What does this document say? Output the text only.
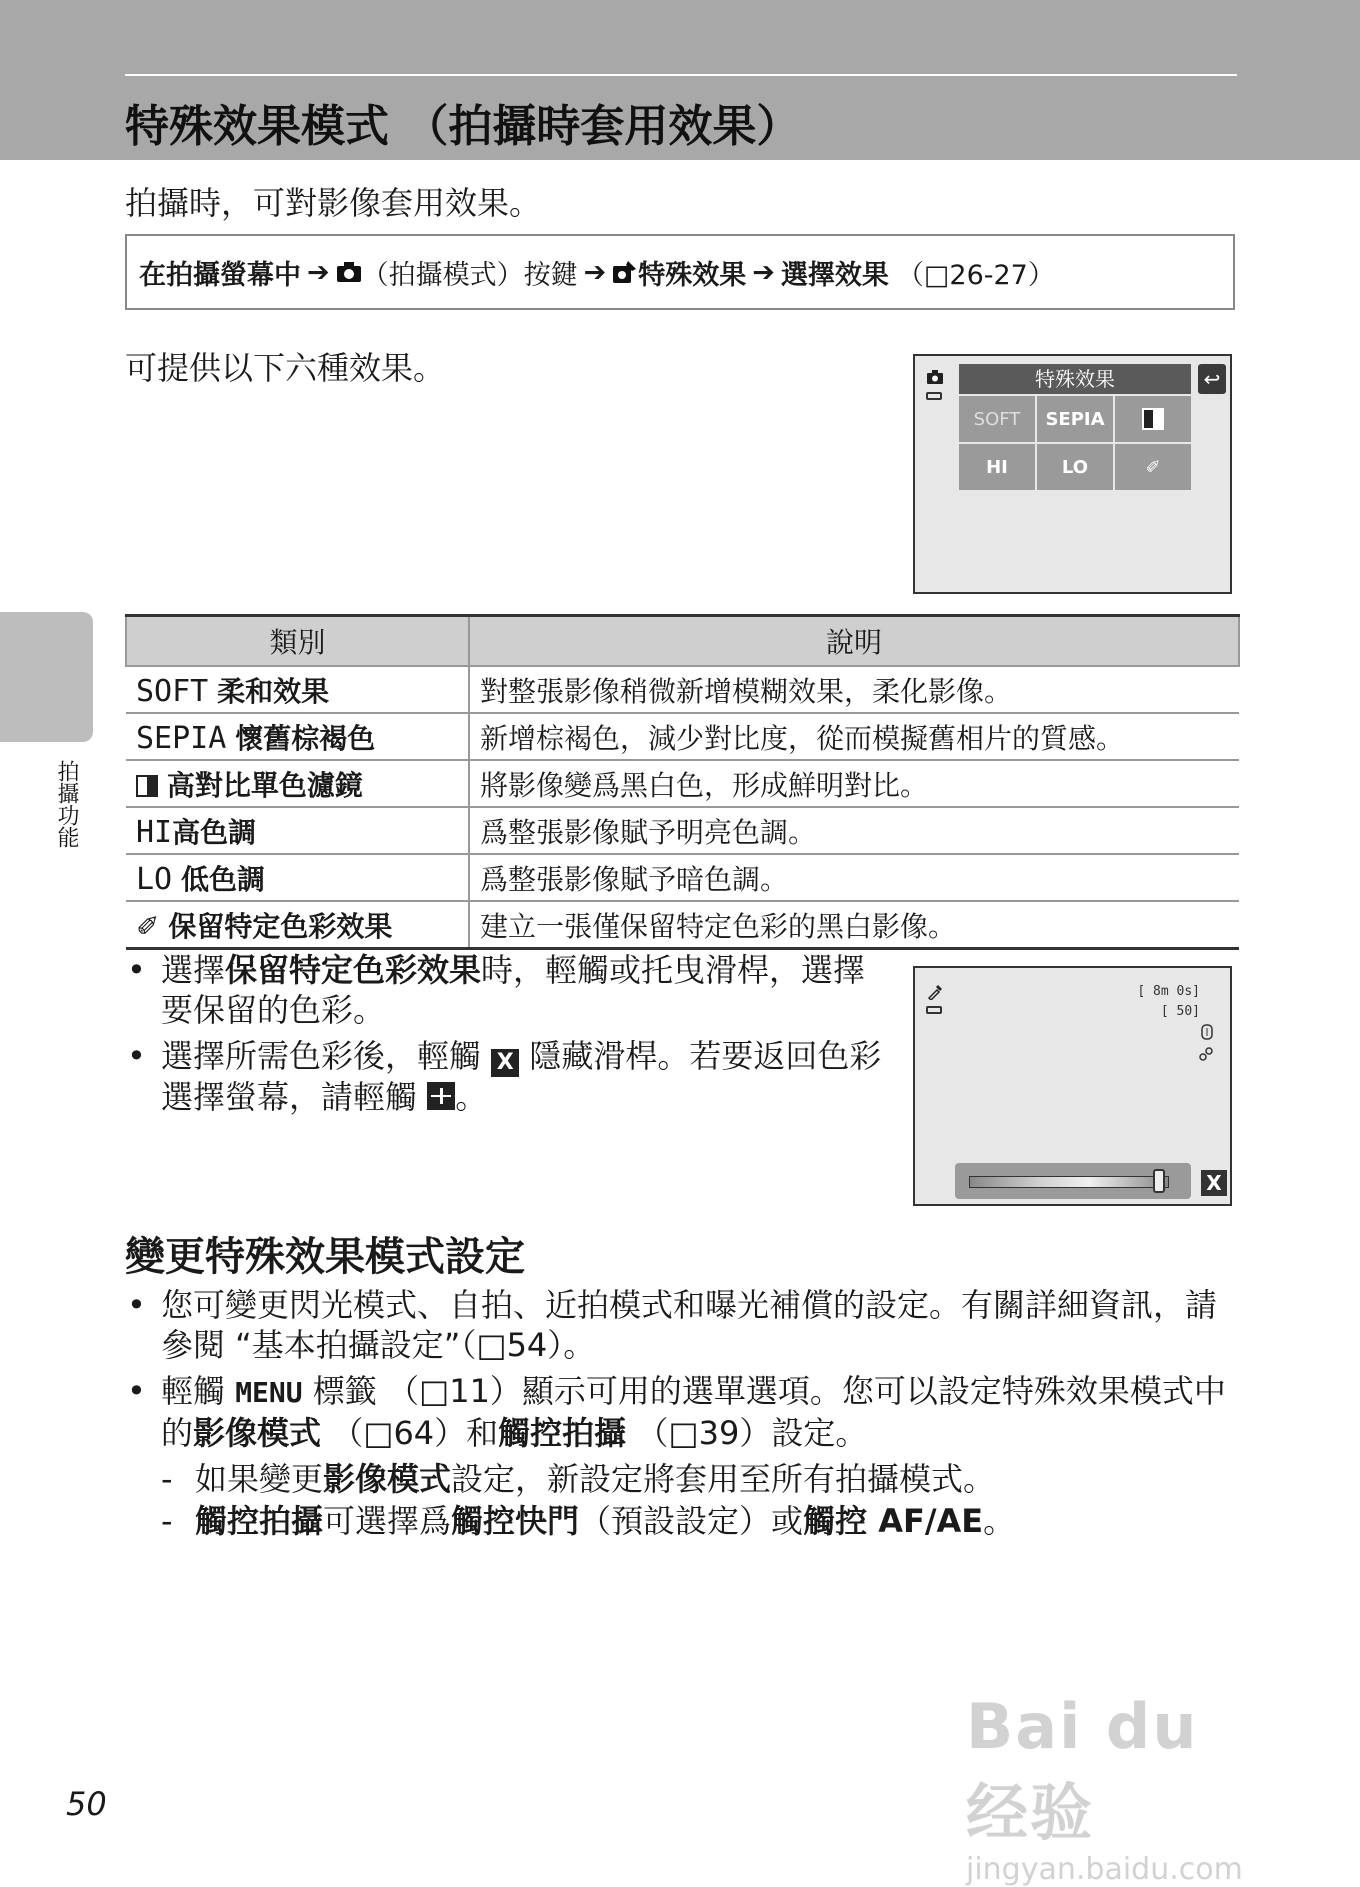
特殊效果模式 （拍攝時套用效果）
拍攝功能
拍攝時，可對影像套用效果。
在拍攝螢幕中 ➔ （拍攝模式）按鍵 ➔ 特殊效果 ➔ 選擇效果 （□26-27）
可提供以下六種效果。	特殊效果	↩
SOFT	SEPIA
HI	LO	✐
類別	說明
SOFT 柔和效果	對整張影像稍微新增模糊效果，柔化影像。
SEPIA 懷舊棕褐色	新增棕褐色，減少對比度，從而模擬舊相片的質感。
高對比單色濾鏡	將影像變爲黑白色，形成鮮明對比。
HI高色調	爲整張影像賦予明亮色調。
LO 低色調	爲整張影像賦予暗色調。
✐ 保留特定色彩效果	建立一張僅保留特定色彩的黑白影像。
• 選擇保留特定色彩效果時，輕觸或托曳滑桿，選擇要保留的色彩。
• 選擇所需色彩後，輕觸 X 隱藏滑桿。若要返回色彩選擇螢幕，請輕觸 。
[ 8m 0s]
[ 50]
X
變更特殊效果模式設定
• 您可變更閃光模式、自拍、近拍模式和曝光補償的設定。有關詳細資訊，請參閱 “基本拍攝設定”（□54）。
• 輕觸 MENU 標籤 （□11）顯示可用的選單選項。您可以設定特殊效果模式中的影像模式 （□64）和觸控拍攝 （□39）設定。
- 如果變更影像模式設定，新設定將套用至所有拍攝模式。
- 觸控拍攝可選擇爲觸控快門（預設設定）或觸控 AF/AE。
50
Bai du 经验
jingyan.baidu.com
